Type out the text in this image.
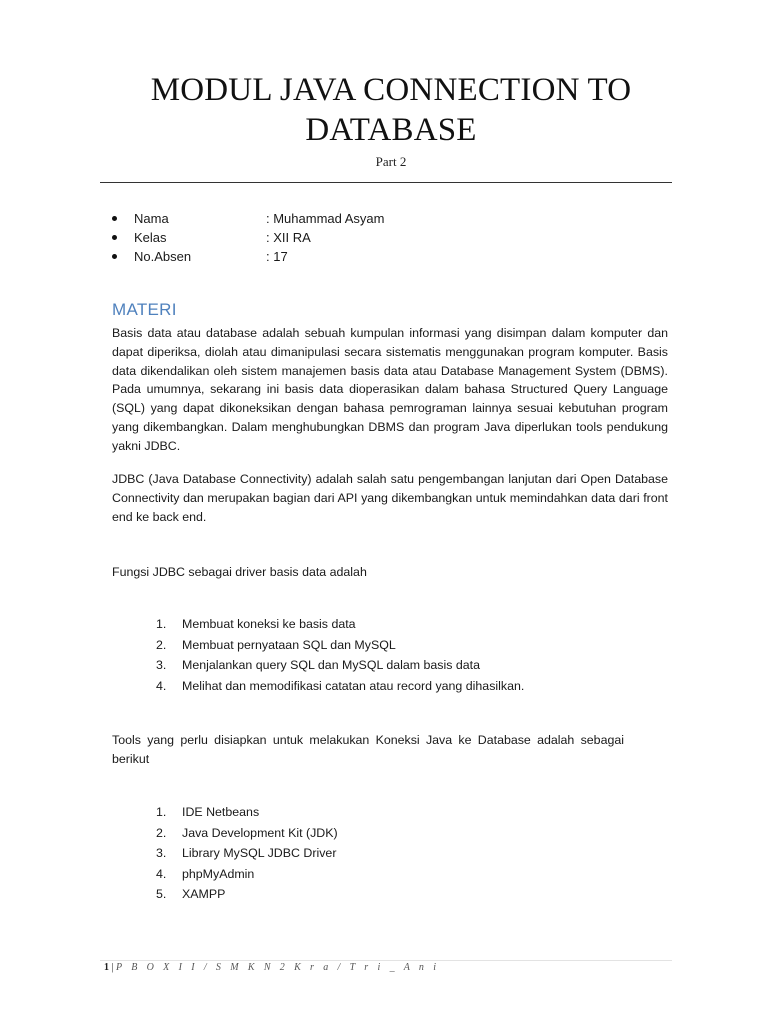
MODUL JAVA CONNECTION TO DATABASE
Part 2
Nama	: Muhammad Asyam
Kelas	: XII RA
No.Absen	: 17
MATERI

Basis data atau database adalah sebuah kumpulan informasi yang disimpan dalam komputer dan dapat diperiksa, diolah atau dimanipulasi secara sistematis menggunakan program komputer. Basis data dikendalikan oleh sistem manajemen basis data atau Database Management System (DBMS). Pada umumnya, sekarang ini basis data dioperasikan dalam bahasa Structured Query Language (SQL) yang dapat dikoneksikan dengan bahasa pemrograman lainnya sesuai kebutuhan program yang dikembangkan. Dalam menghubungkan DBMS dan program Java diperlukan tools pendukung yakni JDBC.

JDBC (Java Database Connectivity) adalah salah satu pengembangan lanjutan dari Open Database Connectivity dan merupakan bagian dari API yang dikembangkan untuk memindahkan data dari front end ke back end.

Fungsi JDBC sebagai driver basis data adalah

1. Membuat koneksi ke basis data
2. Membuat pernyataan SQL dan MySQL
3. Menjalankan query SQL dan MySQL dalam basis data
4. Melihat dan memodifikasi catatan atau record yang dihasilkan.

Tools yang perlu disiapkan untuk melakukan Koneksi Java ke Database adalah sebagai berikut

1. IDE Netbeans
2. Java Development Kit (JDK)
3. Library MySQL JDBC Driver
4. phpMyAdmin
5. XAMPP
1 | P B O X I I / S M K N 2 K r a / T r i _ A n i
